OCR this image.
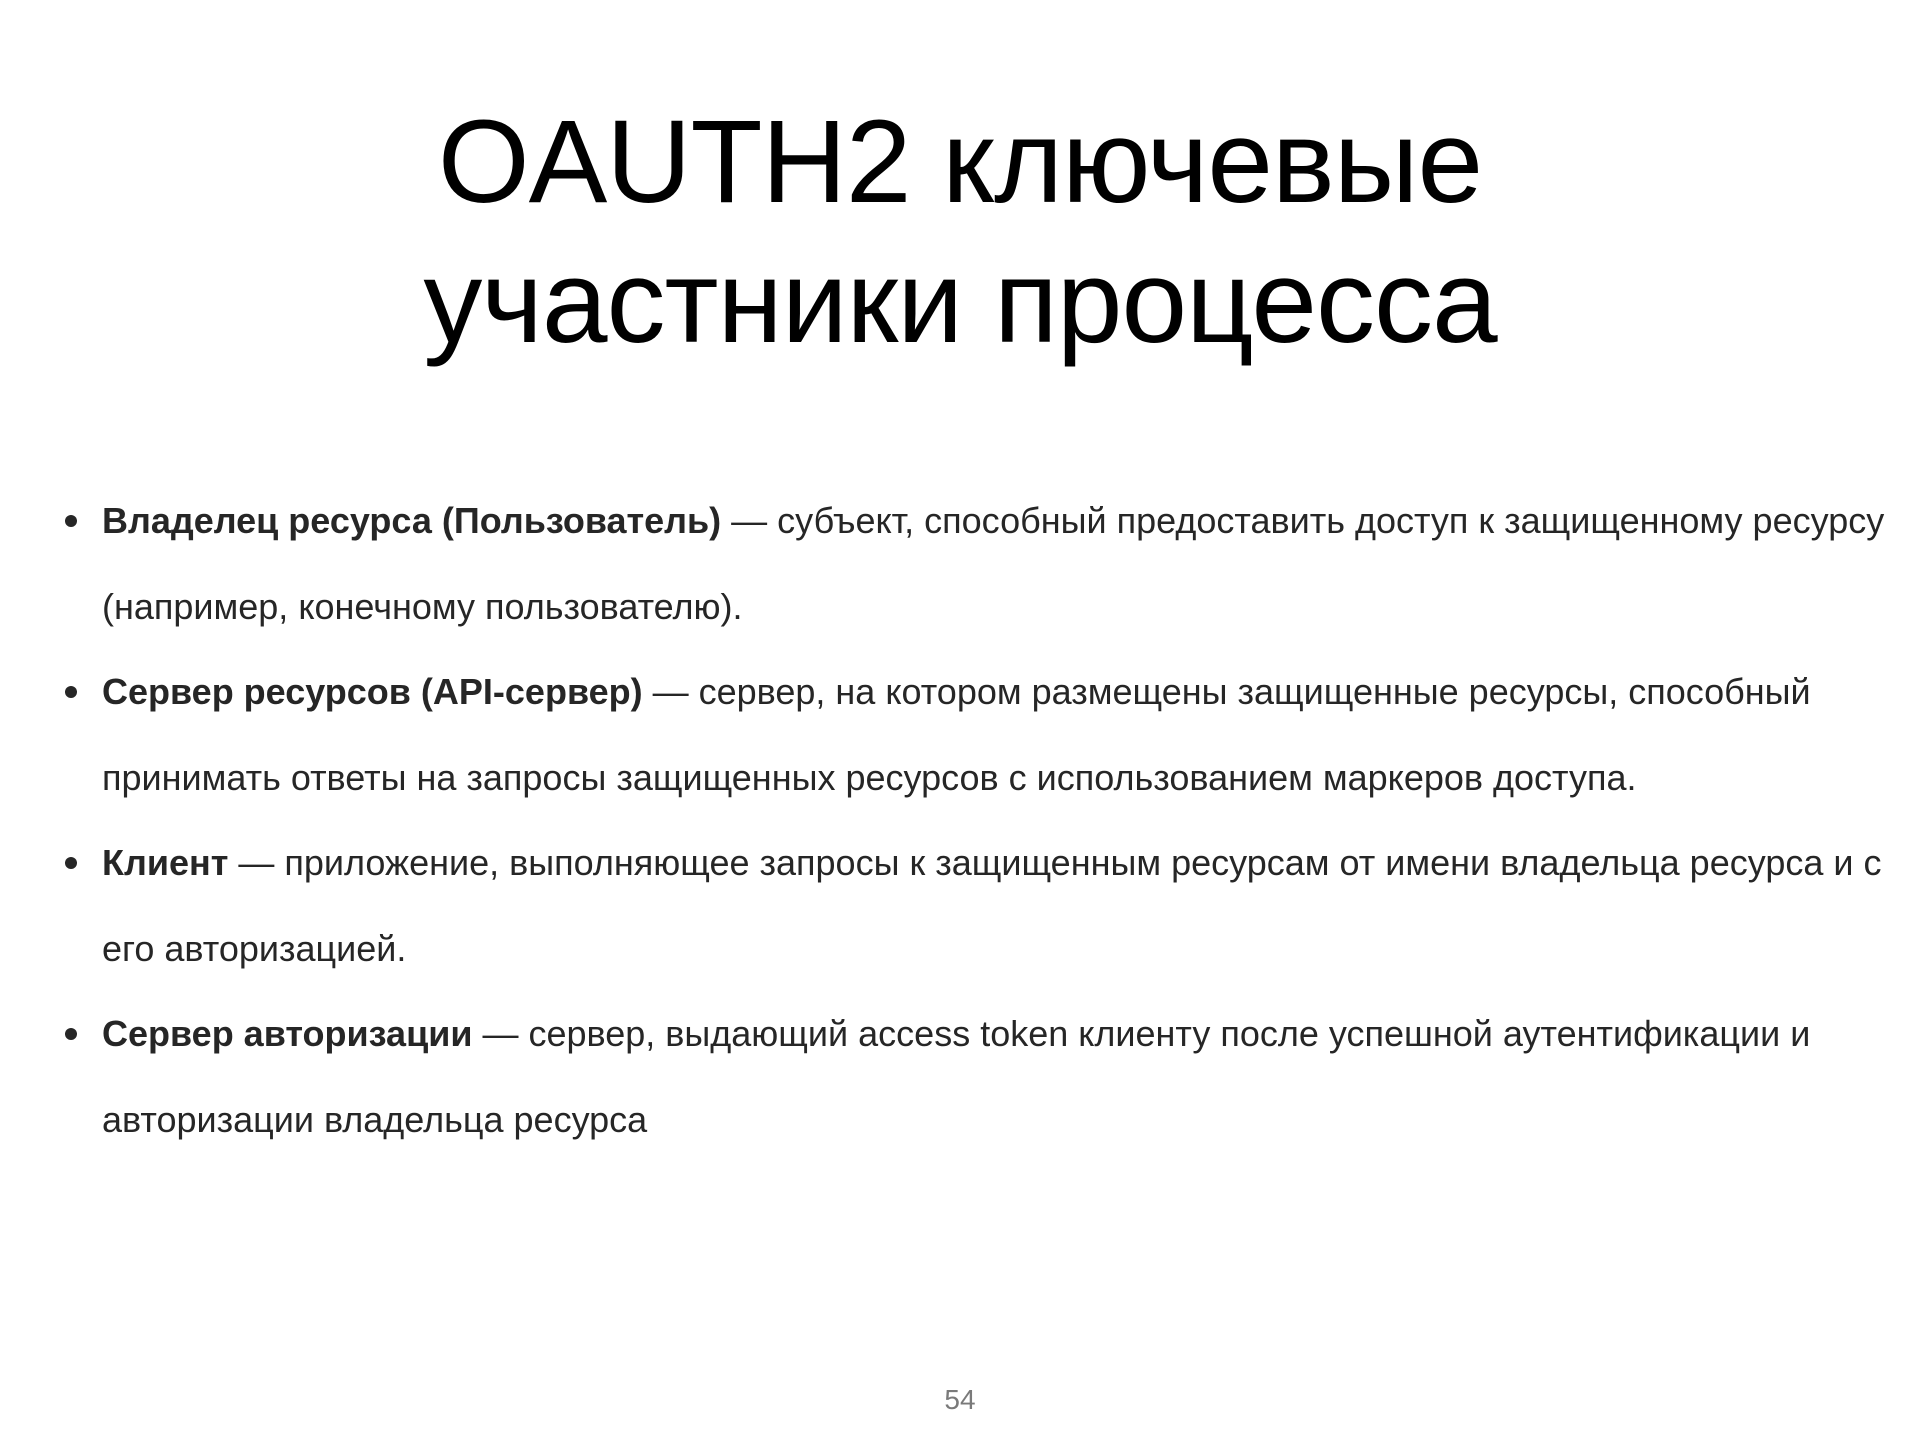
OAUTH2 ключевые
участники процесса
Владелец ресурса (Пользователь) — субъект, способный предоставить доступ к защищенному ресурсу (например, конечному пользователю).
Сервер ресурсов (API-сервер) — сервер, на котором размещены защищенные ресурсы, способный принимать ответы на запросы защищенных ресурсов с использованием маркеров доступа.
Клиент — приложение, выполняющее запросы к защищенным ресурсам от имени владельца ресурса и с его авторизацией.
Сервер авторизации — сервер, выдающий access token клиенту после успешной аутентификации и авторизации владельца ресурса
54
